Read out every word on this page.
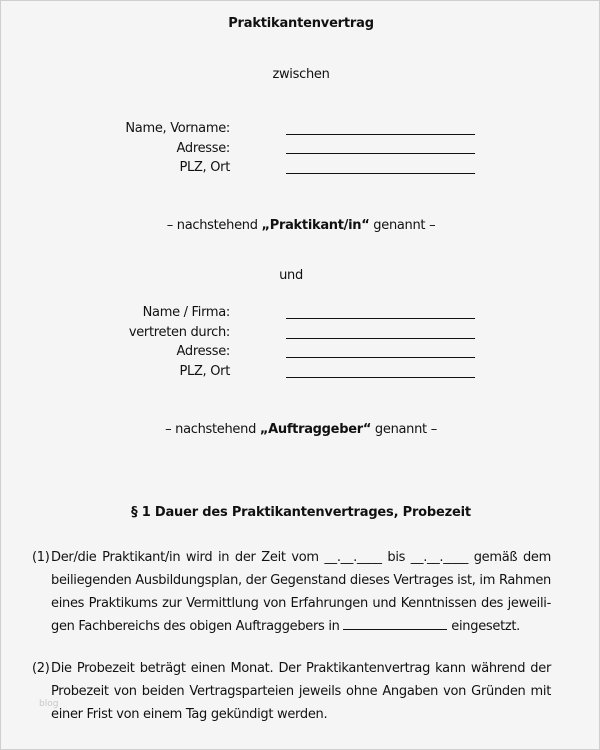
Praktikantenvertrag
zwischen
Name, Vorname:
Adresse:
PLZ, Ort
– nachstehend „Praktikant/in“ genannt –
und
Name / Firma:
vertreten durch:
Adresse:
PLZ, Ort
– nachstehend „Auftraggeber“ genannt –
§ 1 Dauer des Praktikantenvertrages, Probezeit
(1) Der/die Praktikant/in wird in der Zeit vom __.__.____ bis __.__.____ gemäß dem
beiliegenden Ausbildungsplan, der Gegenstand dieses Vertrages ist, im Rahmen
eines Praktikums zur Vermittlung von Erfahrungen und Kenntnissen des jeweili-
gen Fachbereichs des obigen Auftraggebers in	eingesetzt.
(2) Die Probezeit beträgt einen Monat. Der Praktikantenvertrag kann während der
Probezeit von beiden Vertragsparteien jeweils ohne Angaben von Gründen mit
einer Frist von einem Tag gekündigt werden.
blog
